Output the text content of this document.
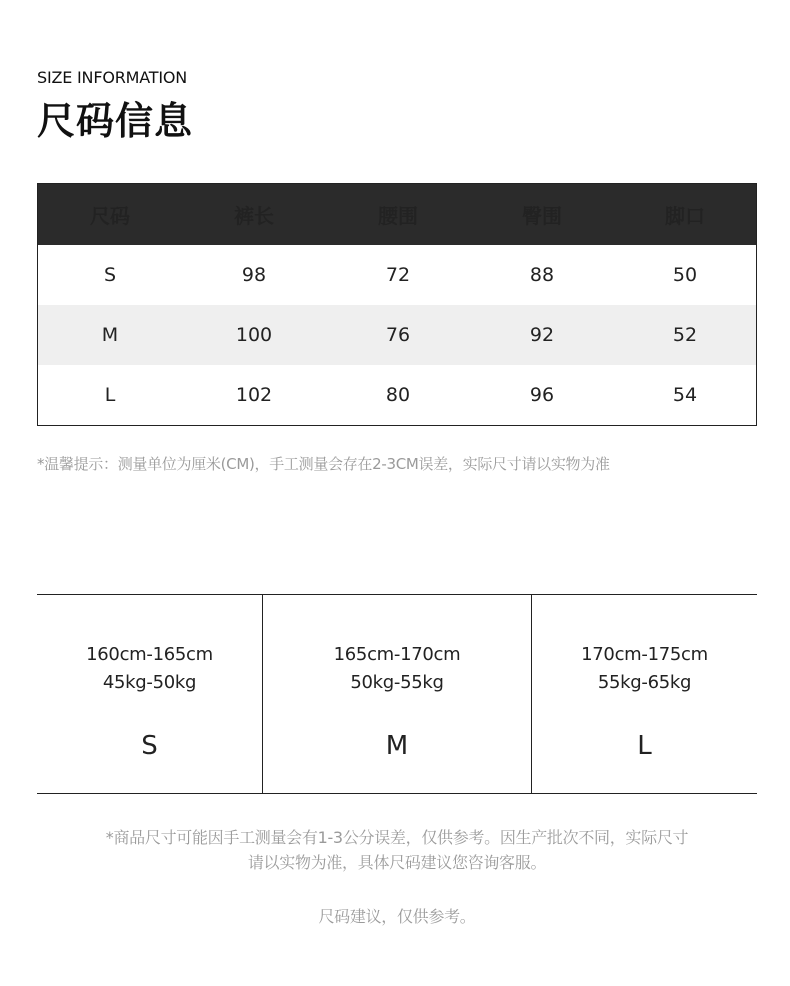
SIZE INFORMATION
尺码信息
尺码	裤长	腰围	臀围	脚口
S	98	72	88	50
M	100	76	92	52
L	102	80	96	54
*温馨提示：测量单位为厘米(CM)，手工测量会存在2-3CM误差，实际尺寸请以实物为准
160cm-165cm
45kg-50kg
S
165cm-170cm
50kg-55kg
M
170cm-175cm
55kg-65kg
L
*商品尺寸可能因手工测量会有1-3公分误差，仅供参考。因生产批次不同，实际尺寸
请以实物为准，具体尺码建议您咨询客服。
尺码建议，仅供参考。
